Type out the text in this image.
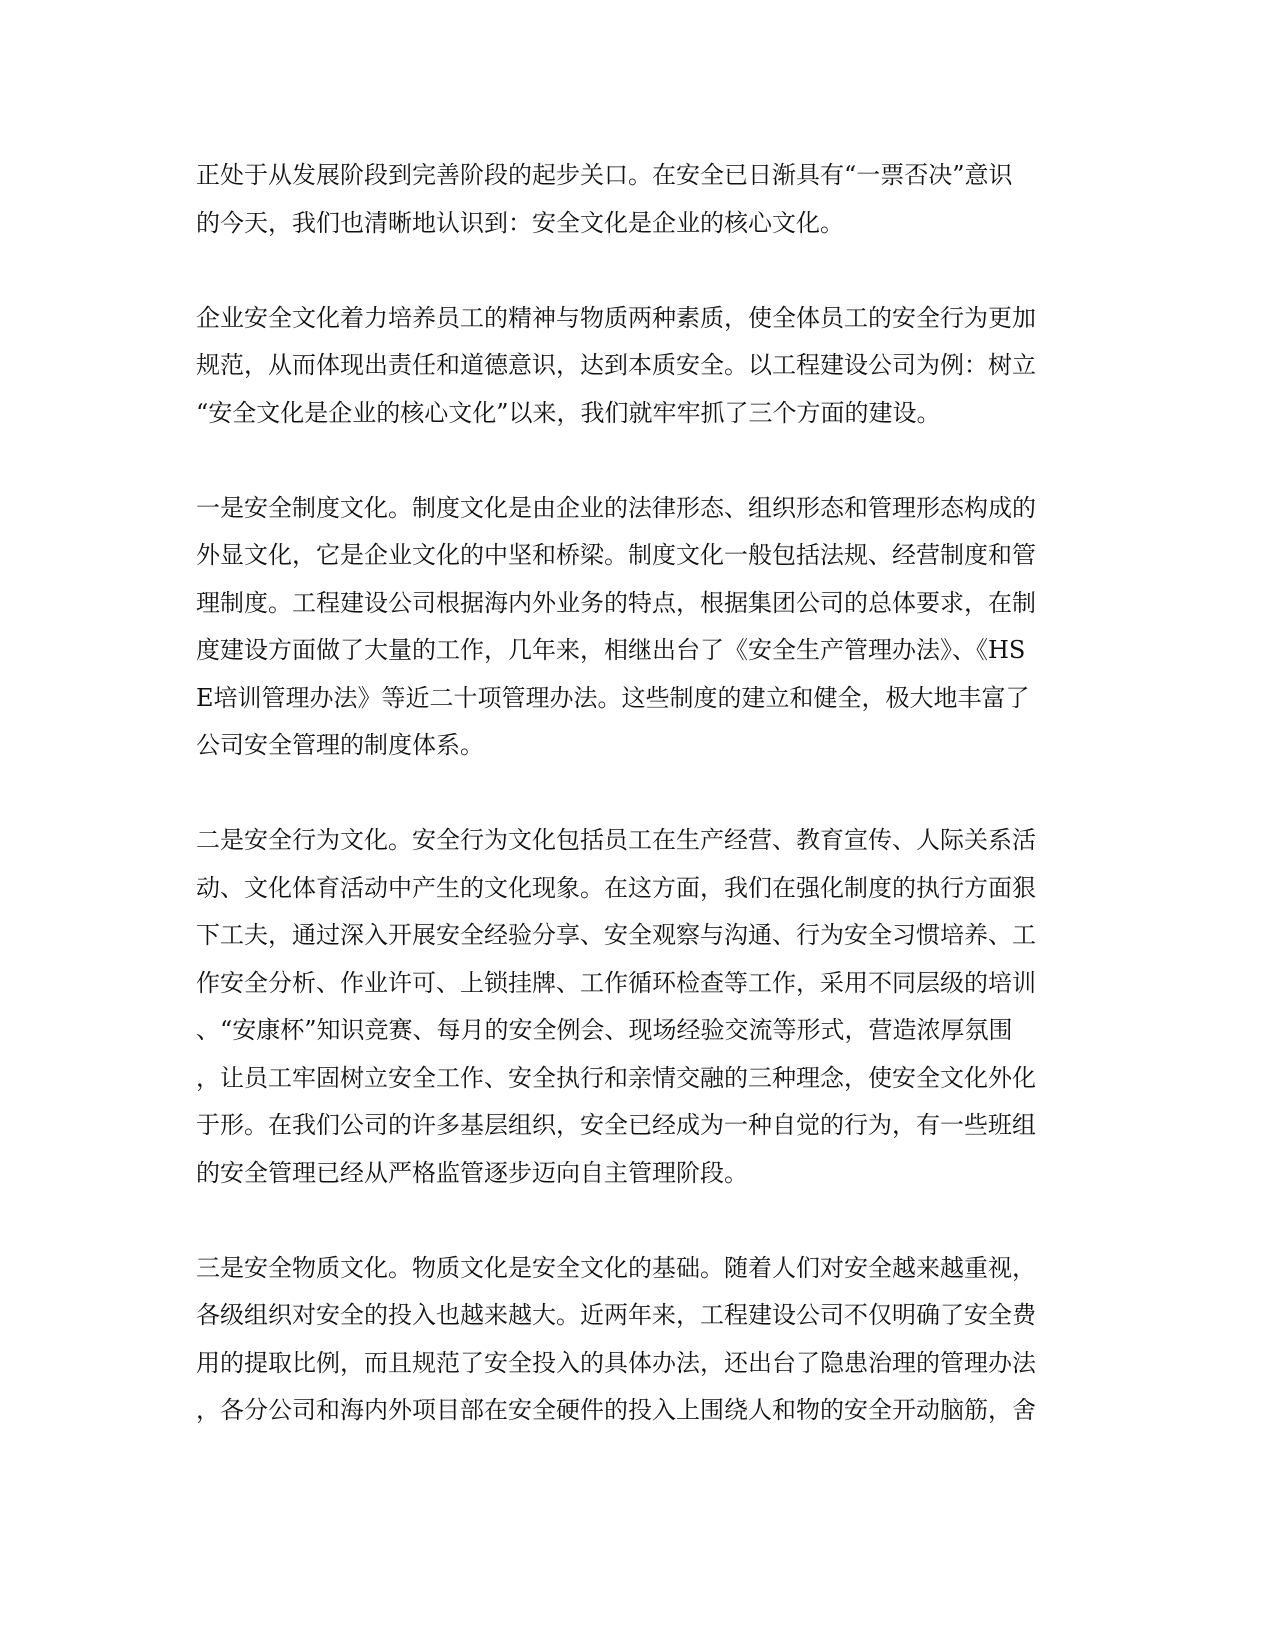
正处于从发展阶段到完善阶段的起步关口。在安全已日渐具有“一票否决”意识
的今天，我们也清晰地认识到：安全文化是企业的核心文化。

企业安全文化着力培养员工的精神与物质两种素质，使全体员工的安全行为更加
规范，从而体现出责任和道德意识，达到本质安全。以工程建设公司为例：树立
“安全文化是企业的核心文化”以来，我们就牢牢抓了三个方面的建设。

一是安全制度文化。制度文化是由企业的法律形态、组织形态和管理形态构成的
外显文化，它是企业文化的中坚和桥梁。制度文化一般包括法规、经营制度和管
理制度。工程建设公司根据海内外业务的特点，根据集团公司的总体要求，在制
度建设方面做了大量的工作，几年来，相继出台了《安全生产管理办法》、《HS
E培训管理办法》等近二十项管理办法。这些制度的建立和健全，极大地丰富了
公司安全管理的制度体系。

二是安全行为文化。安全行为文化包括员工在生产经营、教育宣传、人际关系活
动、文化体育活动中产生的文化现象。在这方面，我们在强化制度的执行方面狠
下工夫，通过深入开展安全经验分享、安全观察与沟通、行为安全习惯培养、工
作安全分析、作业许可、上锁挂牌、工作循环检查等工作，采用不同层级的培训
、“安康杯”知识竞赛、每月的安全例会、现场经验交流等形式，营造浓厚氛围
，让员工牢固树立安全工作、安全执行和亲情交融的三种理念，使安全文化外化
于形。在我们公司的许多基层组织，安全已经成为一种自觉的行为，有一些班组
的安全管理已经从严格监管逐步迈向自主管理阶段。

三是安全物质文化。物质文化是安全文化的基础。随着人们对安全越来越重视，
各级组织对安全的投入也越来越大。近两年来，工程建设公司不仅明确了安全费
用的提取比例，而且规范了安全投入的具体办法，还出台了隐患治理的管理办法
，各分公司和海内外项目部在安全硬件的投入上围绕人和物的安全开动脑筋，舍
